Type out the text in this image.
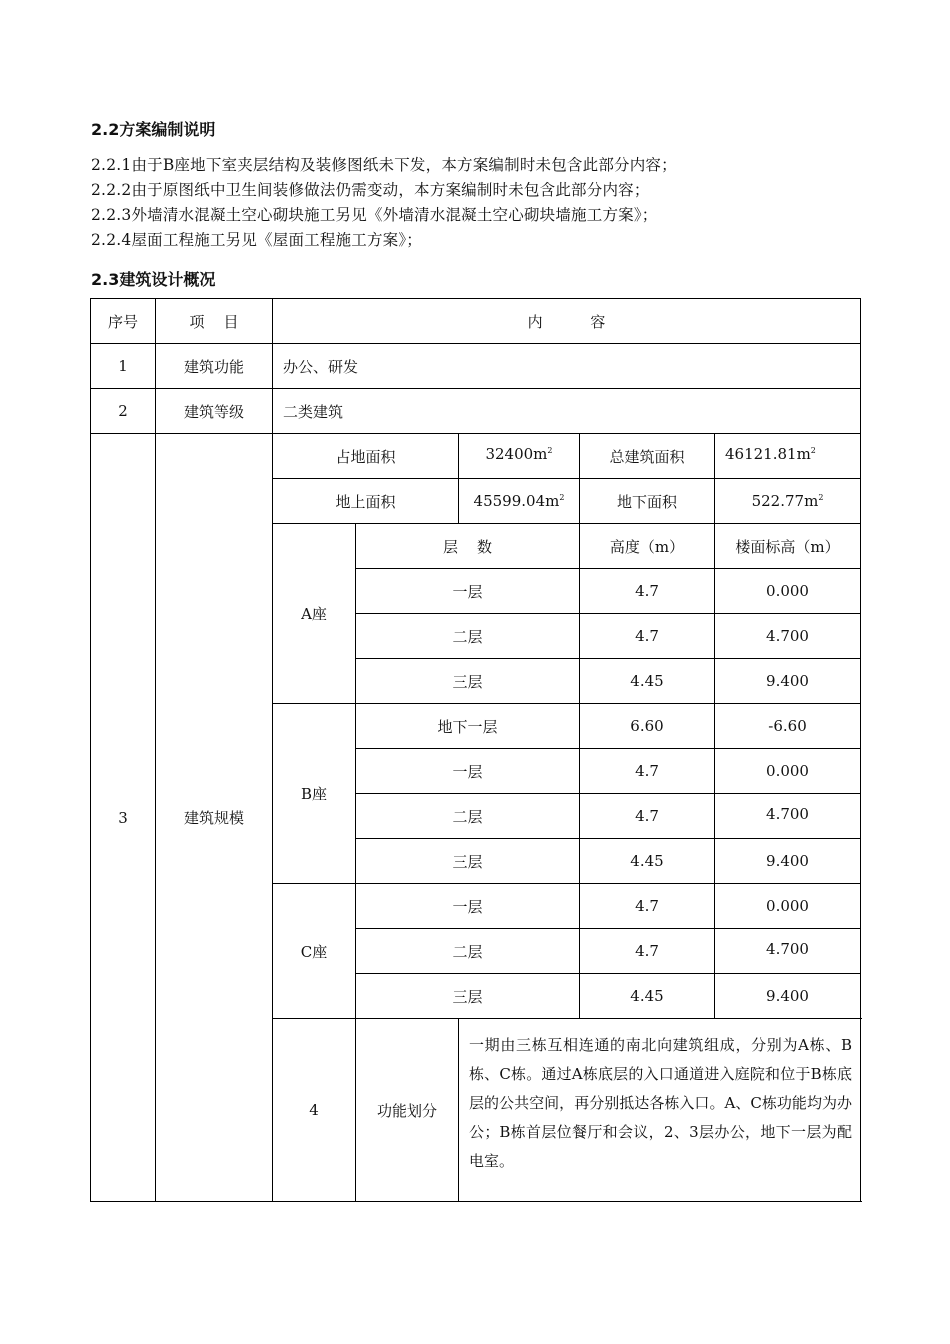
2.2方案编制说明

2.2.1由于B座地下室夹层结构及装修图纸未下发，本方案编制时未包含此部分内容；

2.2.2由于原图纸中卫生间装修做法仍需变动，本方案编制时未包含此部分内容；

2.2.3外墙清水混凝土空心砌块施工另见《外墙清水混凝土空心砌块墙施工方案》；

2.2.4屋面工程施工另见《屋面工程施工方案》；

2.3建筑设计概况
序号	项    目	内          容				
1	建筑功能	办公、研发				
2	建筑等级	二类建筑				
3	建筑规模	占地面积		$32400m^2$	总建筑面积	$46121.81m^2$
		地上面积		$45599.04m^2$	地下面积	$522.77m^2$
		A座	层    数		高度（m）	楼面标高（m）
			一层		4.7	0.000
			二层		4.7	4.700
			三层		4.45	9.400
		B座	地下一层		6.60	-6.60
			一层		4.7	0.000
			二层		4.7	4.700
			三层		4.45	9.400
		C座	一层		4.7	0.000
			二层		4.7	4.700
			三层		4.45	9.400
		4	功能划分	一期由三栋互相连通的南北向建筑组成，分别为A栋、B栋、C栋。通过A栋底层的入口通道进入庭院和位于B栋底层的公共空间，再分别抵达各栋入口。A、C栋功能均为办公；B栋首层位餐厅和会议，2、3层办公，地下一层为配电室。		
